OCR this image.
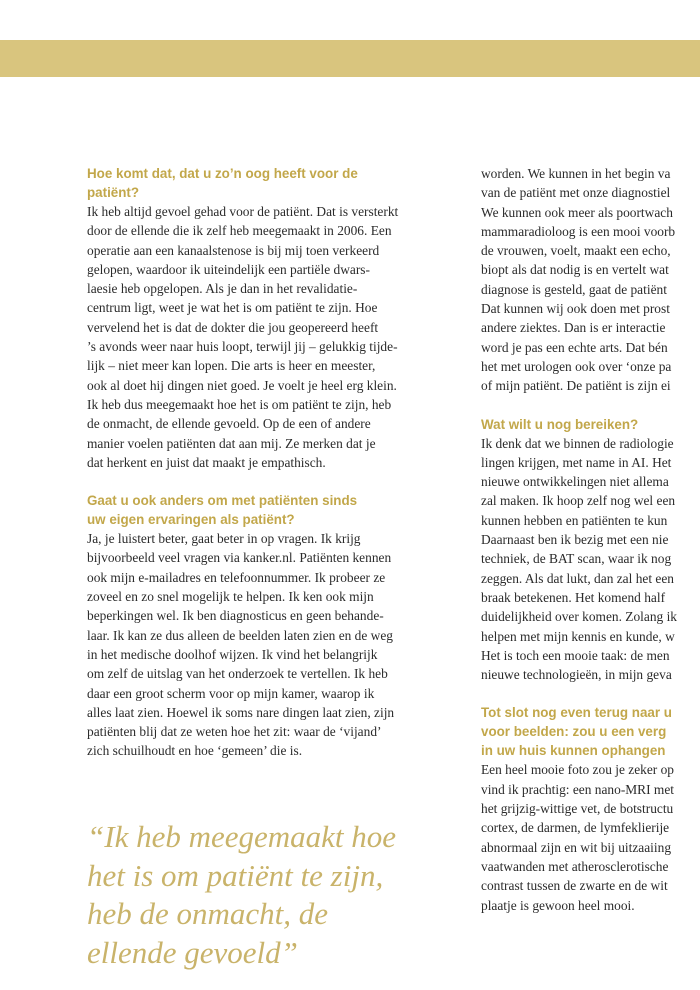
Hoe komt dat, dat u zo’n oog heeft voor de
patiënt?

Ik heb altijd gevoel gehad voor de patiënt. Dat is versterkt
door de ellende die ik zelf heb meegemaakt in 2006. Een
operatie aan een kanaalstenose is bij mij toen verkeerd
gelopen, waardoor ik uiteindelijk een partiële dwars-
laesie heb opgelopen. Als je dan in het revalidatie-
centrum ligt, weet je wat het is om patiënt te zijn. Hoe
vervelend het is dat de dokter die jou geopereerd heeft
’s avonds weer naar huis loopt, terwijl jij – gelukkig tijde-
lijk – niet meer kan lopen. Die arts is heer en meester,
ook al doet hij dingen niet goed. Je voelt je heel erg klein.
Ik heb dus meegemaakt hoe het is om patiënt te zijn, heb
de onmacht, de ellende gevoeld. Op de een of andere
manier voelen patiënten dat aan mij. Ze merken dat je
dat herkent en juist dat maakt je empathisch.

Gaat u ook anders om met patiënten sinds
uw eigen ervaringen als patiënt?

Ja, je luistert beter, gaat beter in op vragen. Ik krijg
bijvoorbeeld veel vragen via kanker.nl. Patiënten kennen
ook mijn e-mailadres en telefoonnummer. Ik probeer ze
zoveel en zo snel mogelijk te helpen. Ik ken ook mijn
beperkingen wel. Ik ben diagnosticus en geen behande-
laar. Ik kan ze dus alleen de beelden laten zien en de weg
in het medische doolhof wijzen. Ik vind het belangrijk
om zelf de uitslag van het onderzoek te vertellen. Ik heb
daar een groot scherm voor op mijn kamer, waarop ik
alles laat zien. Hoewel ik soms nare dingen laat zien, zijn
patiënten blij dat ze weten hoe het zit: waar de ‘vijand’
zich schuilhoudt en hoe ‘gemeen’ die is.

“Ik heb meegemaakt hoe
het is om patiënt te zijn,
heb de onmacht, de
ellende gevoeld”

worden. We kunnen in het begin va
van de patiënt met onze diagnostiel
We kunnen ook meer als poortwach
mammaradioloog is een mooi voorb
de vrouwen, voelt, maakt een echo,
biopt als dat nodig is en vertelt wat
diagnose is gesteld, gaat de patiënt
Dat kunnen wij ook doen met prost
andere ziektes. Dan is er interactie
word je pas een echte arts. Dat bén
het met urologen ook over ‘onze pa
of mijn patiënt. De patiënt is zijn ei

Wat wilt u nog bereiken?

Ik denk dat we binnen de radiologie
lingen krijgen, met name in AI. Het
nieuwe ontwikkelingen niet allema
zal maken. Ik hoop zelf nog wel een
kunnen hebben en patiënten te kun
Daarnaast ben ik bezig met een nie
techniek, de BAT scan, waar ik nog
zeggen. Als dat lukt, dan zal het een
braak betekenen. Het komend half
duidelijkheid over komen. Zolang ik
helpen met mijn kennis en kunde, w
Het is toch een mooie taak: de men
nieuwe technologieën, in mijn geva

Tot slot nog even terug naar u
voor beelden: zou u een verg
in uw huis kunnen ophangen

Een heel mooie foto zou je zeker op
vind ik prachtig: een nano-MRI met
het grijzig-wittige vet, de botstructu
cortex, de darmen, de lymfeklierije
abnormaal zijn en wit bij uitzaaiing
vaatwanden met atherosclerotische
contrast tussen de zwarte en de wit
plaatje is gewoon heel mooi.
